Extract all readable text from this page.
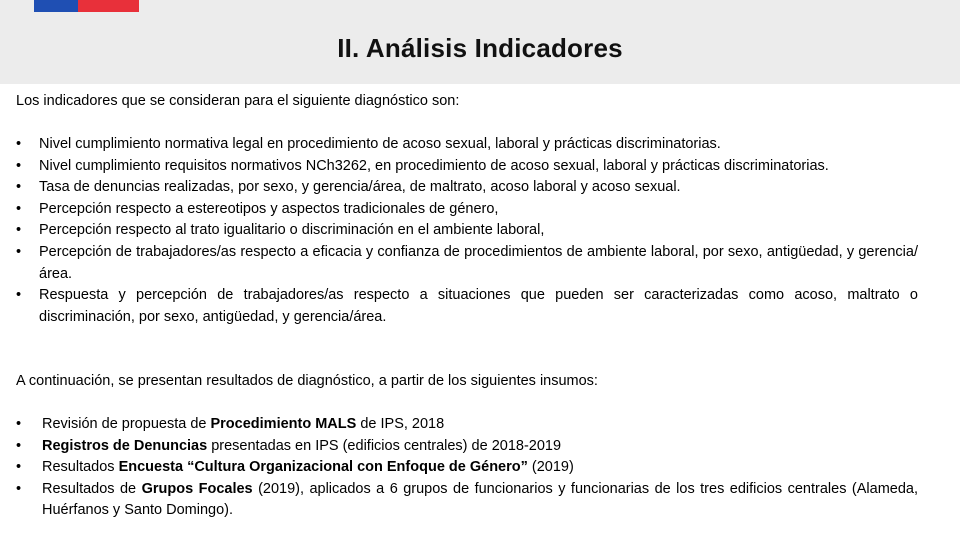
II. Análisis Indicadores
Los indicadores que se consideran para el siguiente diagnóstico son:
• Nivel cumplimiento normativa legal en procedimiento de acoso sexual, laboral y prácticas discriminatorias.
• Nivel cumplimiento requisitos normativos NCh3262, en procedimiento de acoso sexual, laboral y prácticas discriminatorias.
• Tasa de denuncias realizadas, por sexo, y gerencia/área, de maltrato, acoso laboral y acoso sexual.
• Percepción respecto a estereotipos y aspectos tradicionales de género,
• Percepción respecto al trato igualitario o discriminación en el ambiente laboral,
• Percepción de trabajadores/as respecto a eficacia y confianza de procedimientos de ambiente laboral, por sexo, antigüedad, y gerencia/área.
• Respuesta y percepción de trabajadores/as respecto a situaciones que pueden ser caracterizadas como acoso, maltrato o discriminación, por sexo, antigüedad, y gerencia/área.
A continuación, se presentan resultados de diagnóstico, a partir de los siguientes insumos:
• Revisión de propuesta de Procedimiento MALS de IPS, 2018
• Registros de Denuncias presentadas en IPS (edificios centrales) de 2018-2019
• Resultados Encuesta “Cultura Organizacional con Enfoque de Género” (2019)
• Resultados de Grupos Focales (2019), aplicados a 6 grupos de funcionarios y funcionarias de los tres edificios centrales (Alameda, Huérfanos y Santo Domingo).
